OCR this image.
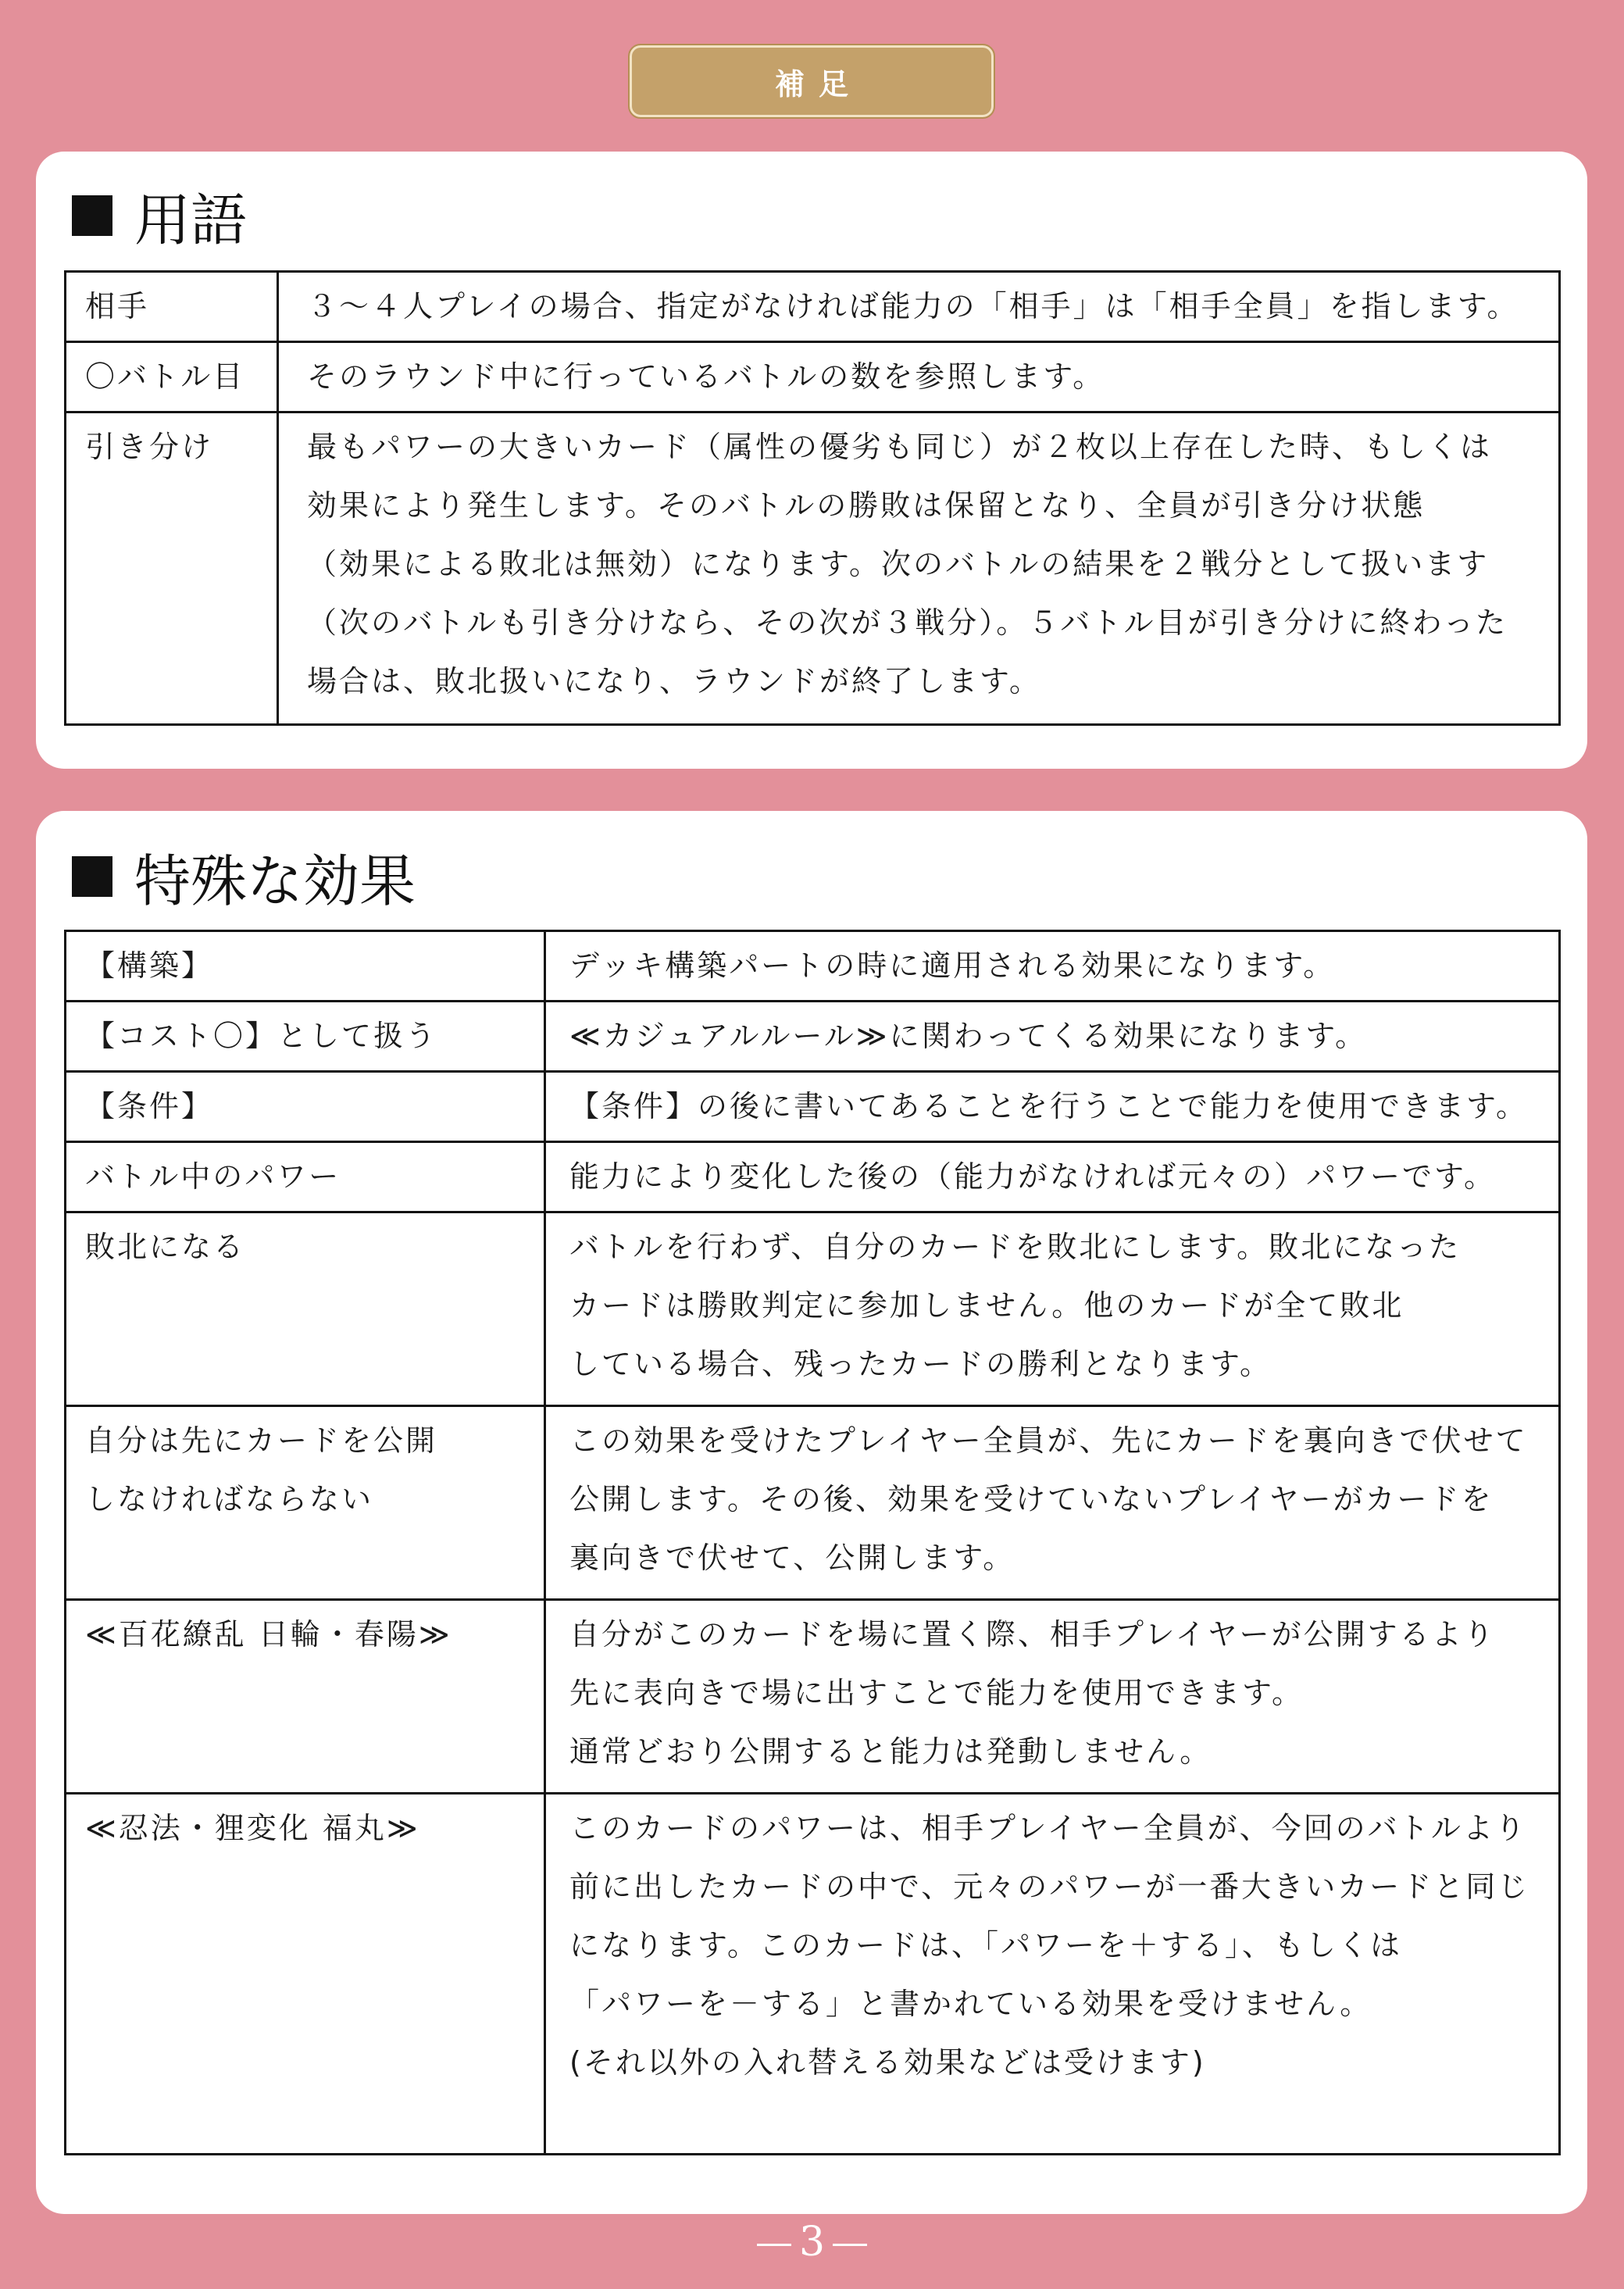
補足
用語
相手	３～４人プレイの場合、指定がなければ能力の「相手」は「相手全員」を指します。

〇バトル目	そのラウンド中に行っているバトルの数を参照します。

引き分け	最もパワーの大きいカード（属性の優劣も同じ）が２枚以上存在した時、もしくは
効果により発生します。そのバトルの勝敗は保留となり、全員が引き分け状態
（効果による敗北は無効）になります。次のバトルの結果を２戦分として扱います
（次のバトルも引き分けなら、その次が３戦分）。５バトル目が引き分けに終わった
場合は、敗北扱いになり、ラウンドが終了します。
特殊な効果
【構築】	デッキ構築パートの時に適用される効果になります。

【コスト〇】として扱う	≪カジュアルルール≫に関わってくる効果になります。

【条件】	【条件】の後に書いてあることを行うことで能力を使用できます。

バトル中のパワー	能力により変化した後の（能力がなければ元々の）パワーです。

敗北になる	バトルを行わず、自分のカードを敗北にします。敗北になった
カードは勝敗判定に参加しません。他のカードが全て敗北
している場合、残ったカードの勝利となります。

自分は先にカードを公開
しなければならない	この効果を受けたプレイヤー全員が、先にカードを裏向きで伏せて
公開します。その後、効果を受けていないプレイヤーがカードを
裏向きで伏せて、公開します。

≪百花繚乱 日輪・春陽≫	自分がこのカードを場に置く際、相手プレイヤーが公開するより
先に表向きで場に出すことで能力を使用できます。
通常どおり公開すると能力は発動しません。

≪忍法・狸変化 福丸≫	このカードのパワーは、相手プレイヤー全員が、今回のバトルより
前に出したカードの中で、元々のパワーが一番大きいカードと同じ
になります。このカードは、「パワーを＋する」、もしくは
「パワーを－する」と書かれている効果を受けません。
(それ以外の入れ替える効果などは受けます)
3
